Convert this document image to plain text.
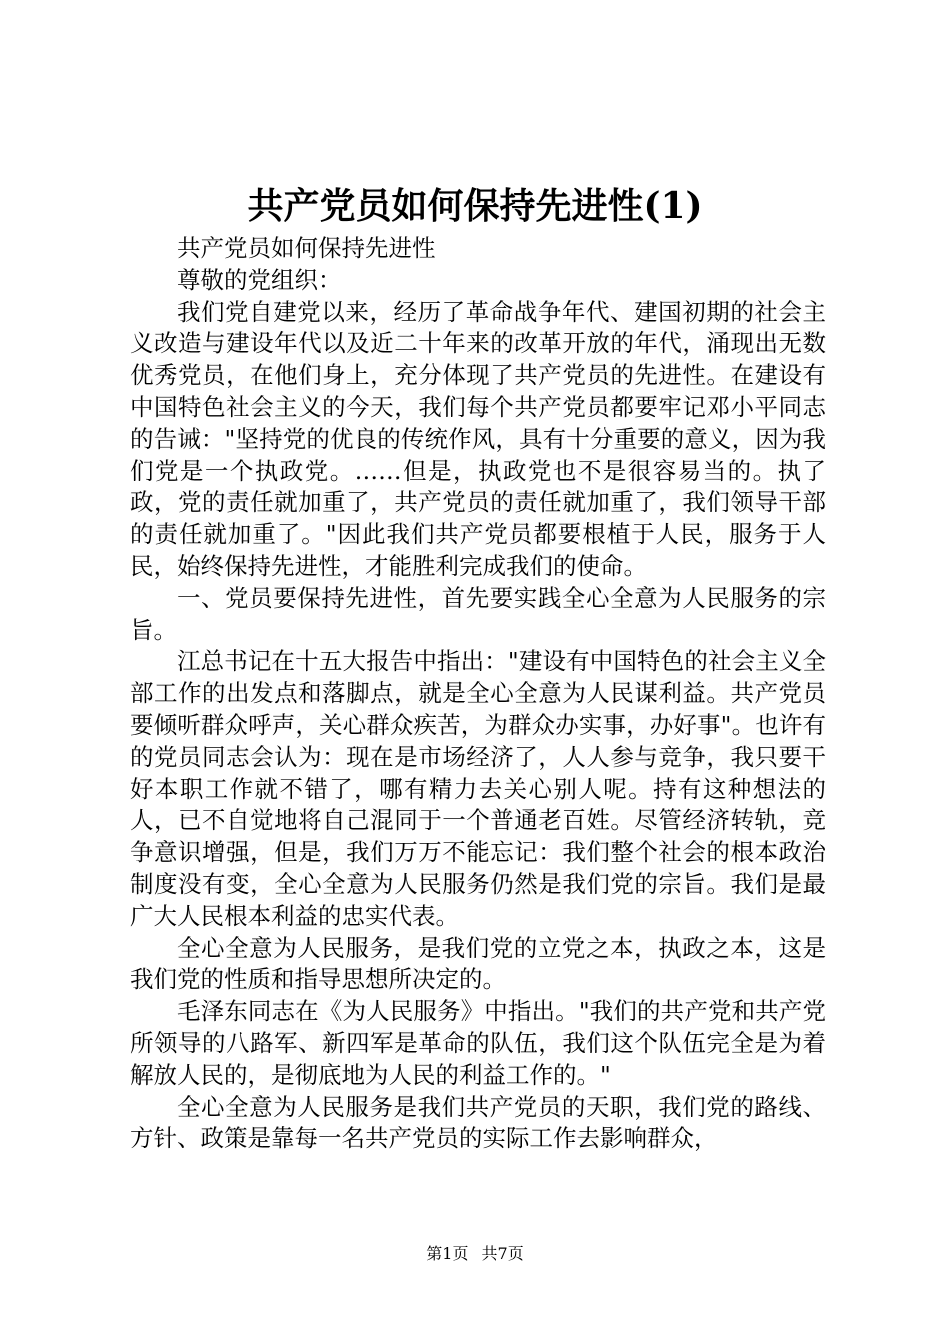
共产党员如何保持先进性(1)

共产党员如何保持先进性

尊敬的党组织：

我们党自建党以来，经历了革命战争年代、建国初期的社会主义改造与建设年代以及近二十年来的改革开放的年代，涌现出无数优秀党员，在他们身上，充分体现了共产党员的先进性。在建设有中国特色社会主义的今天，我们每个共产党员都要牢记邓小平同志的告诫："坚持党的优良的传统作风，具有十分重要的意义，因为我们党是一个执政党。……但是，执政党也不是很容易当的。执了政，党的责任就加重了，共产党员的责任就加重了，我们领导干部的责任就加重了。"因此我们共产党员都要根植于人民，服务于人民，始终保持先进性，才能胜利完成我们的使命。

一、党员要保持先进性，首先要实践全心全意为人民服务的宗旨。

江总书记在十五大报告中指出："建设有中国特色的社会主义全部工作的出发点和落脚点，就是全心全意为人民谋利益。共产党员要倾听群众呼声，关心群众疾苦，为群众办实事，办好事"。也许有的党员同志会认为：现在是市场经济了，人人参与竞争，我只要干好本职工作就不错了，哪有精力去关心别人呢。持有这种想法的人，已不自觉地将自己混同于一个普通老百姓。尽管经济转轨，竞争意识增强，但是，我们万万不能忘记：我们整个社会的根本政治制度没有变，全心全意为人民服务仍然是我们党的宗旨。我们是最广大人民根本利益的忠实代表。

全心全意为人民服务，是我们党的立党之本，执政之本，这是我们党的性质和指导思想所决定的。

毛泽东同志在《为人民服务》中指出。"我们的共产党和共产党所领导的八路军、新四军是革命的队伍，我们这个队伍完全是为着解放人民的，是彻底地为人民的利益工作的。"

全心全意为人民服务是我们共产党员的天职，我们党的路线、方针、政策是靠每一名共产党员的实际工作去影响群众，

第1页 共7页
